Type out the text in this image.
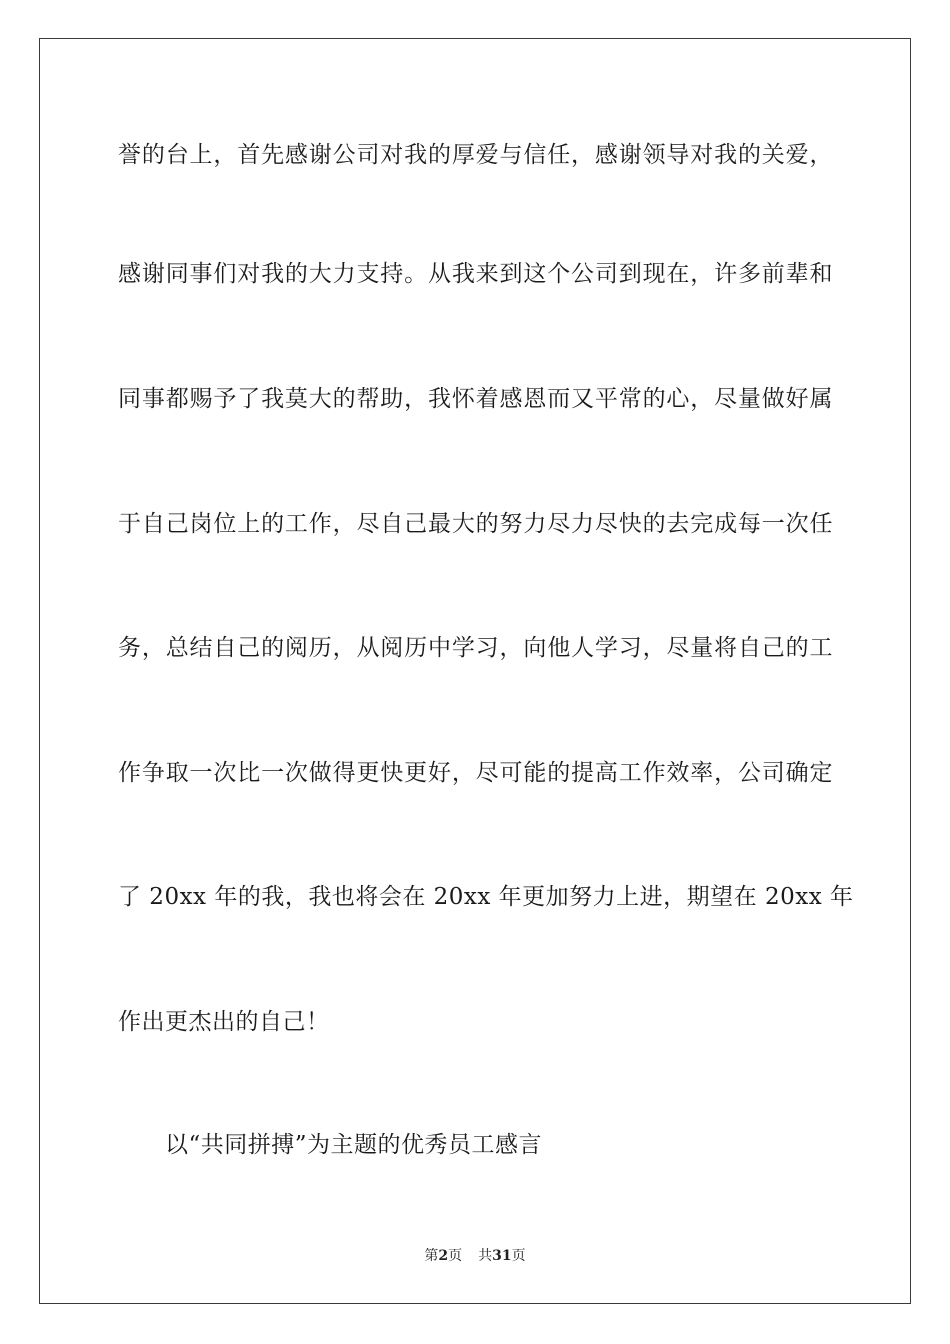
誉的台上，首先感谢公司对我的厚爱与信任，感谢领导对我的关爱，
感谢同事们对我的大力支持。从我来到这个公司到现在，许多前辈和
同事都赐予了我莫大的帮助，我怀着感恩而又平常的心，尽量做好属
于自己岗位上的工作，尽自己最大的努力尽力尽快的去完成每一次任
务，总结自己的阅历，从阅历中学习，向他人学习，尽量将自己的工
作争取一次比一次做得更快更好，尽可能的提高工作效率，公司确定
了 20xx 年的我，我也将会在 20xx 年更加努力上进，期望在 20xx 年
作出更杰出的自己！
以“共同拼搏”为主题的优秀员工感言
第2页 共31页
